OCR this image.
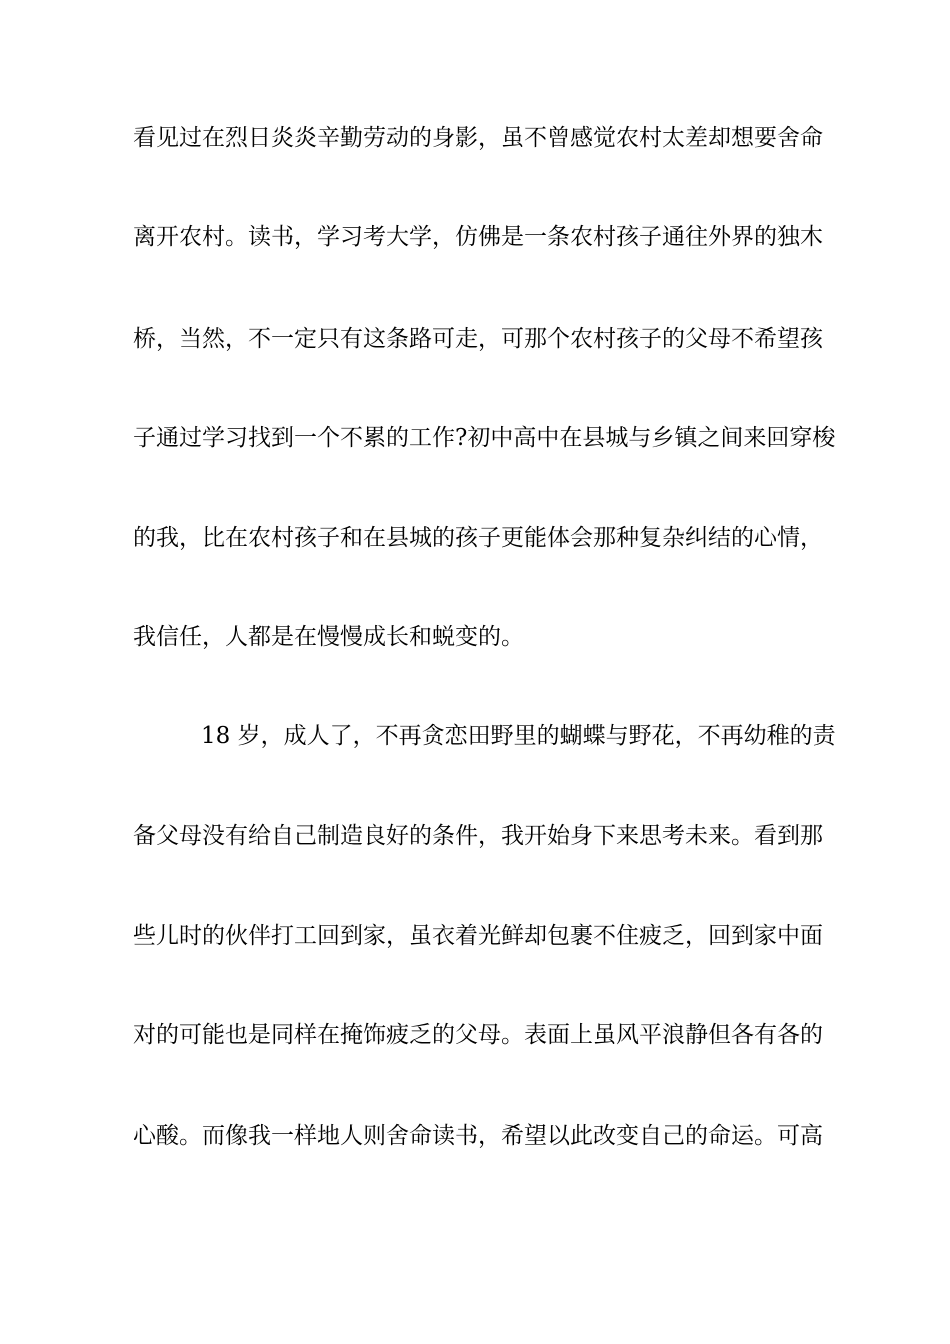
看见过在烈日炎炎辛勤劳动的身影，虽不曾感觉农村太差却想要舍命
离开农村。读书，学习考大学，仿佛是一条农村孩子通往外界的独木
桥，当然，不一定只有这条路可走，可那个农村孩子的父母不希望孩
子通过学习找到一个不累的工作?初中高中在县城与乡镇之间来回穿梭
的我，比在农村孩子和在县城的孩子更能体会那种复杂纠结的心情，
我信任，人都是在慢慢成长和蜕变的。
18 岁，成人了，不再贪恋田野里的蝴蝶与野花，不再幼稚的责
备父母没有给自己制造良好的条件，我开始身下来思考未来。看到那
些儿时的伙伴打工回到家，虽衣着光鲜却包裹不住疲乏，回到家中面
对的可能也是同样在掩饰疲乏的父母。表面上虽风平浪静但各有各的
心酸。而像我一样地人则舍命读书，希望以此改变自己的命运。可高
